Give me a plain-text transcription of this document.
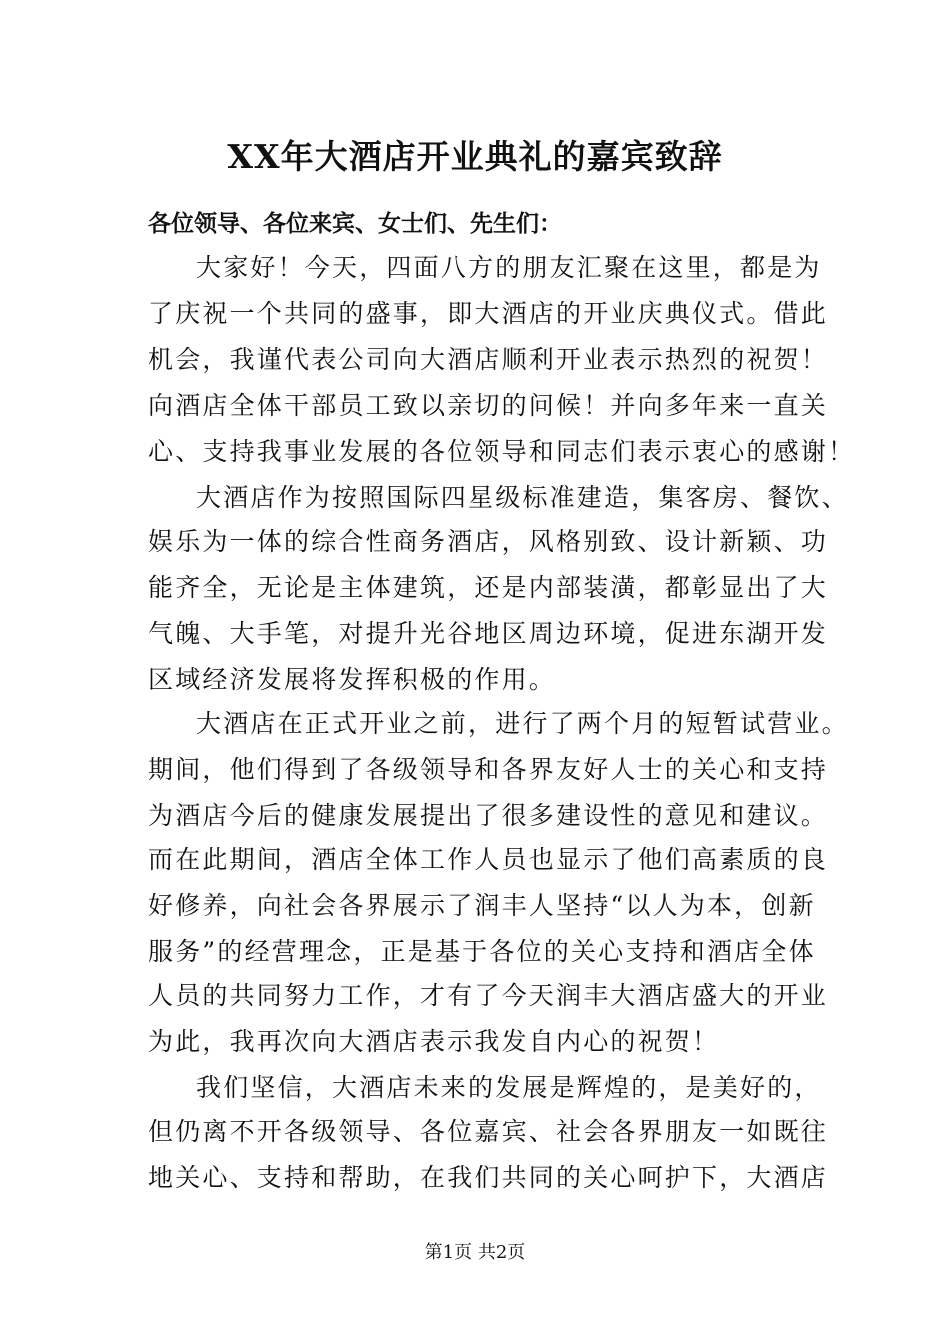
XX年大酒店开业典礼的嘉宾致辞

各位领导、各位来宾、女士们、先生们：

大家好！今天，四面八方的朋友汇聚在这里，都是为

了庆祝一个共同的盛事，即大酒店的开业庆典仪式。借此

机会，我谨代表公司向大酒店顺利开业表示热烈的祝贺！

向酒店全体干部员工致以亲切的问候！并向多年来一直关

心、支持我事业发展的各位领导和同志们表示衷心的感谢！

大酒店作为按照国际四星级标准建造，集客房、餐饮、

娱乐为一体的综合性商务酒店，风格别致、设计新颖、功

能齐全，无论是主体建筑，还是内部装潢，都彰显出了大

气魄、大手笔，对提升光谷地区周边环境，促进东湖开发

区域经济发展将发挥积极的作用。

大酒店在正式开业之前，进行了两个月的短暂试营业。

期间，他们得到了各级领导和各界友好人士的关心和支持

为酒店今后的健康发展提出了很多建设性的意见和建议。

而在此期间，酒店全体工作人员也显示了他们高素质的良

好修养，向社会各界展示了润丰人坚持“以人为本，创新

服务”的经营理念，正是基于各位的关心支持和酒店全体

人员的共同努力工作，才有了今天润丰大酒店盛大的开业

为此，我再次向大酒店表示我发自内心的祝贺！

我们坚信，大酒店未来的发展是辉煌的，是美好的，

但仍离不开各级领导、各位嘉宾、社会各界朋友一如既往

地关心、支持和帮助，在我们共同的关心呵护下，大酒店

第1页 共2页
